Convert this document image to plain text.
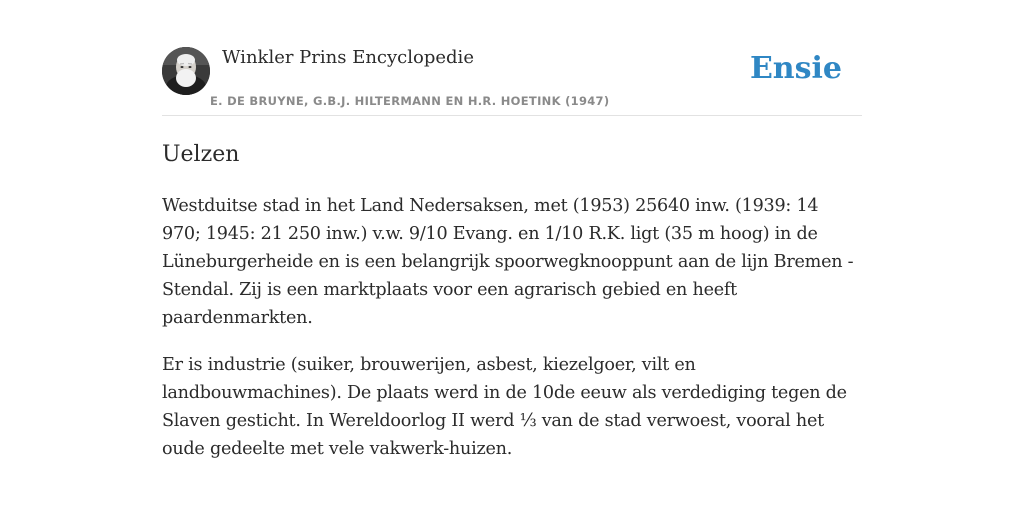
Winkler Prins Encyclopedie
E. DE BRUYNE, G.B.J. HILTERMANN EN H.R. HOETINK (1947)
Ensie
Uelzen

Westduitse stad in het Land Nedersaksen, met (1953) 25640 inw. (1939: 14 970; 1945: 21 250 inw.) v.w. 9/10 Evang. en 1/10 R.K. ligt (35 m hoog) in de Lüneburgerheide en is een belangrijk spoorwegknooppunt aan de lijn Bremen - Stendal. Zij is een marktplaats voor een agrarisch gebied en heeft paardenmarkten.

Er is industrie (suiker, brouwerijen, asbest, kiezelgoer, vilt en landbouwmachines). De plaats werd in de 10de eeuw als verdediging tegen de Slaven gesticht. In Wereldoorlog II werd ⅓ van de stad verwoest, vooral het oude gedeelte met vele vakwerk-huizen.
